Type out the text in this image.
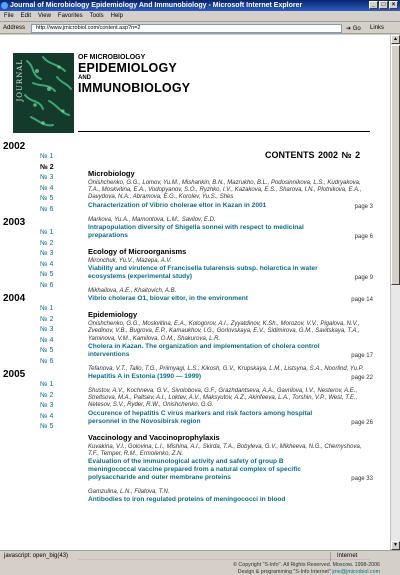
Journal of Microbiology Epidemiology And Immunobiology - Microsoft Internet Explorer	_	□	×
File Edit View Favorites Tools Help
Address	http://www.jmicrobiol.com/content.asp?n=2	➔ Go Links
JOURNAL
OF MICROBIOLOGY
EPIDEMIOLOGY
AND
IMMUNOBIOLOGY
2002
№ 1
№ 2
№ 3
№ 4
№ 5
№ 6
2003
№ 1
№ 2
№ 3
№ 4
№ 5
№ 6
2004
№ 1
№ 2
№ 3
№ 4
№ 5
№ 6
2005
№ 1
№ 2
№ 3
№ 4
№ 5
CONTENTS 2002 № 2
Microbiology
Onishchenko, G.G., Lomov, Yu.M., Mishankin, B.N., Mazrukho, B.L., Podosinnikova, L.S., Kudryakova, T.A., Moskvitina, E.A., Vodopyanov, S.O., Ryzhko, I.V., Kazakova, E.S., Sharova, I.N., Plotnikova, E.A., Davydova, N.A., Abramova, E.G., Korolev, Yu.S., Shes
Characterization of Vibrio cholerae eltor in Kazan in 2001	page 3
Markova, Yu.A., Mamontova, L.M., Savilov, E.D.
Intrapopulation diversity of Shigella sonnei with respect to medicinal preparations	page 6
Ecology of Microorganisms
Mironchuk, Yu.V., Mazepa, A.V.
Viability and virulence of Francisella tularensis subsp. holarctica in water ecosystems (experimental study)	page 9
Mikhailova, A.E., Khaitovich, A.B.
Vibrio cholerae O1, biovar eltor, in the environment	page 14
Epidemiology
Onishchenko, G.G., Moskvitina, E.A., Kologorov, A.I., Zyyatdinov, K.Sh., Morozov, V.V., Pigalova, N.V., Zvedinov, V.B., Bugrova, E.P., Kamaukhov, I.G., Gorlovskaya, E.V., Sidimirova, G.M., Savitskaya, T.A., Yaminova, V.M., Kamilova, O.M., Shakurova, L.R.
Cholera in Kazan. The organization and implementation of cholera control interventions	page 17
Tefanova, V.T., Tallo, T.G., Priimyagi, L.S., Kikosh, G.V., Krupskaya, L.M., Listsyna, S.A., Noorlind, Yu.P.
Hepatitis A in Estonia (1990 — 1999)	page 22
Shustov, A.V., Kochneva, G.V., Sivolobova, G.F., Grazhdantseva, A.A., Gavrilova, I.V., Nesterov, A.E., Streltsova, M.A., Paltsev, A.I., Loktev, A.V., Maksyutov, A.Z., Akinfeeva, L.A., Torshin, V.P., West, T.E., Netesov, S.V., Ryder, R.W., Onishchenko, G.G.
Occurence of hepatitis C virus markers and risk factors among hospital personnel in the Novosibirsk region	page 26
Vaccinology and Vaccinoprophylaxis
Kuvakina, V.I., Golovina, L.I., Mishina, A.I., Skirda, T.A., Bobyleva, G.V., Mikheeva, N.G., Chernyshova, T.F., Temper, R.M., Ermolenko, Z.N.
Evaluation of the immunological activity and safety of group B meningococcal vaccine prepared from a natural complex of specific polysaccharide and outer membrane proteins	page 33
Gamzulina, L.N., Filatova, T.N.
Antibodies to iron regulated proteins of meningococci in blood
© Copyright "S-Info". All Rights Reserved. Moscow. 1998-2006
Design & programming "S-Info Internet" jme@jmicrobiol.com
▲
▼
javascript: open_big(43)	Internet
